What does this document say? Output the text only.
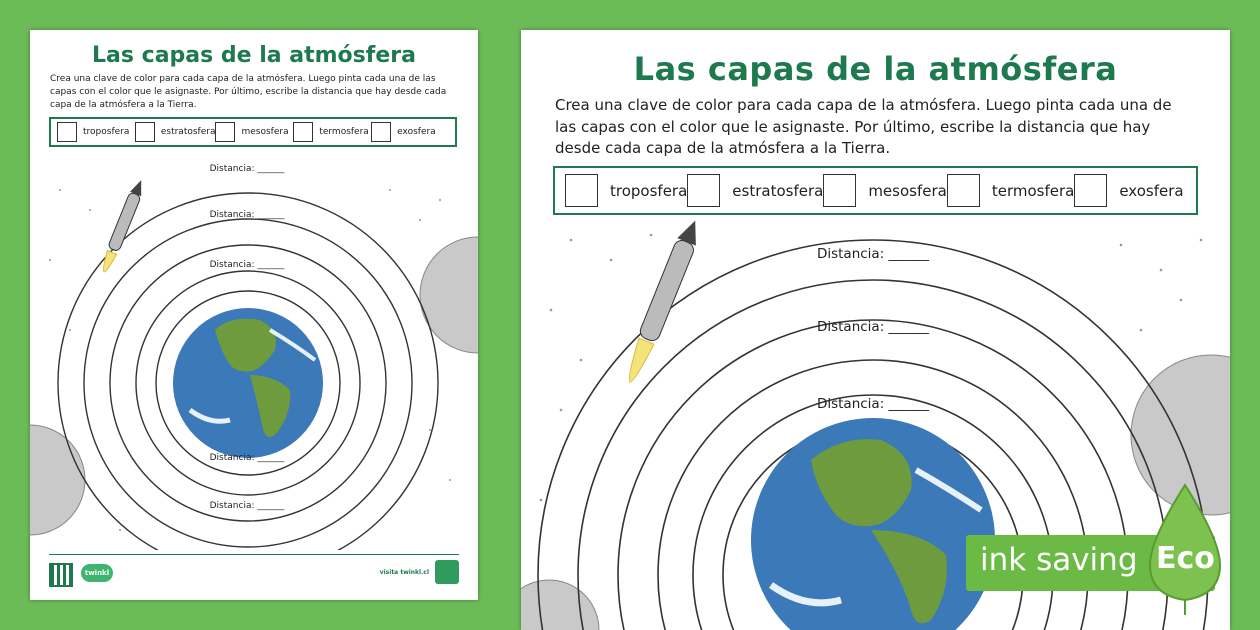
Las capas de la atmósfera

Crea una clave de color para cada capa de la atmósfera. Luego pinta cada una de las capas con el color que le asignaste. Por último, escribe la distancia que hay desde cada capa de la atmósfera a la Tierra.

troposfera	estratosfera	mesosfera	termosfera	exosfera
Distancia: ______
Distancia: ______
Distancia: ______
Distancia: ______
Distancia: ______
twinkl	visita twinkl.cl
Las capas de la atmósfera

Crea una clave de color para cada capa de la atmósfera. Luego pinta cada una de las capas con el color que le asignaste. Por último, escribe la distancia que hay desde cada capa de la atmósfera a la Tierra.

troposfera	estratosfera	mesosfera	termosfera	exosfera
Distancia: ______
Distancia: ______
Distancia: ______
ink saving Eco
